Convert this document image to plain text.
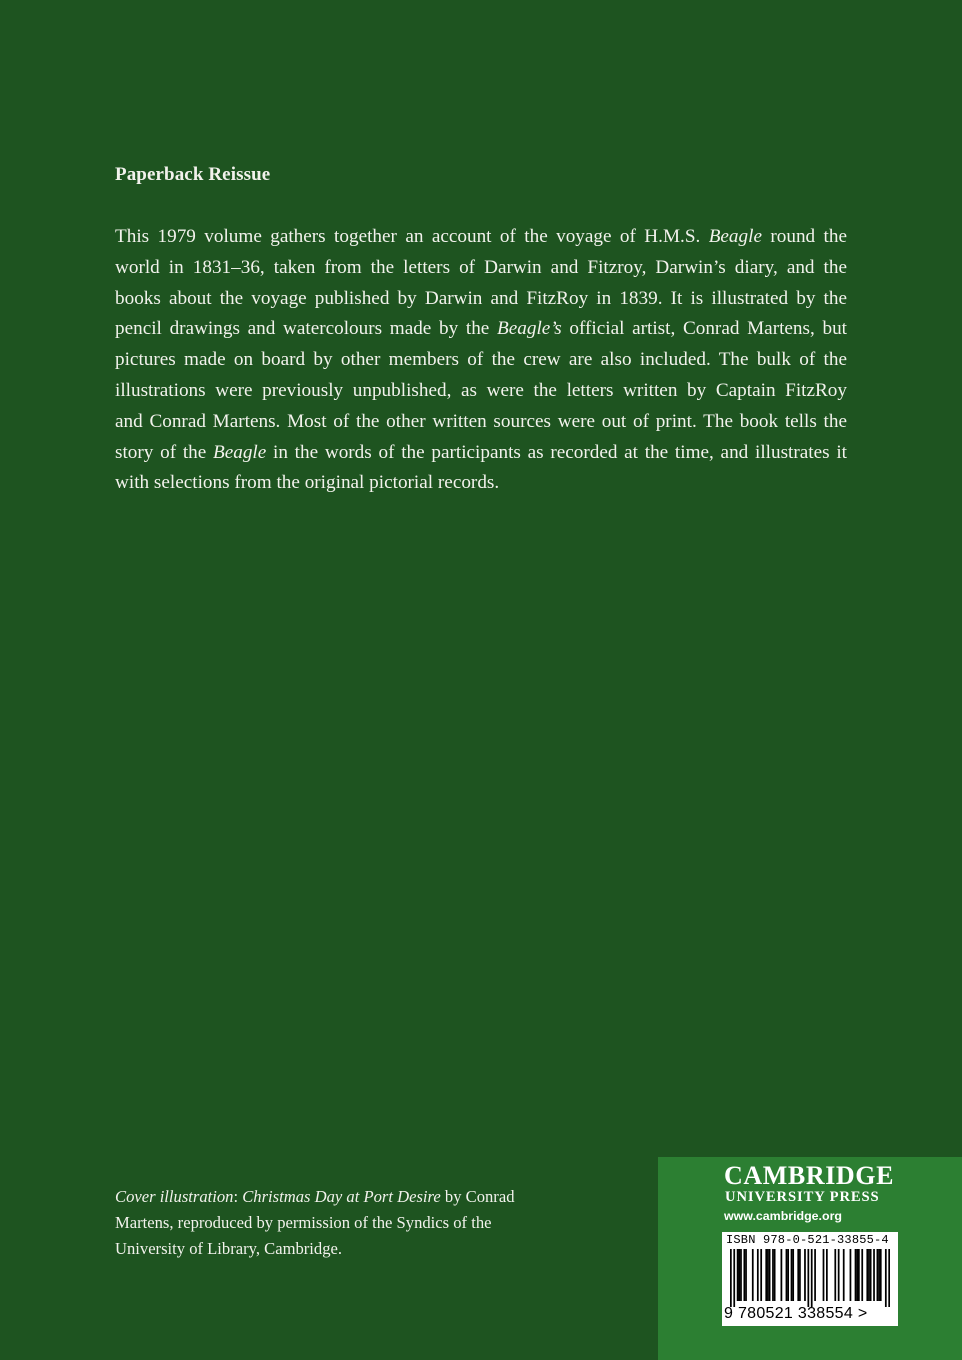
Paperback Reissue
This 1979 volume gathers together an account of the voyage of H.M.S. Beagle round the
world in 1831–36, taken from the letters of Darwin and Fitzroy, Darwin’s diary, and the
books about the voyage published by Darwin and FitzRoy in 1839. It is illustrated by the
pencil drawings and watercolours made by the Beagle’s official artist, Conrad Martens, but
pictures made on board by other members of the crew are also included. The bulk of the
illustrations were previously unpublished, as were the letters written by Captain FitzRoy
and Conrad Martens. Most of the other written sources were out of print. The book tells the
story of the Beagle in the words of the participants as recorded at the time, and illustrates it
with selections from the original pictorial records.
Cover illustration: Christmas Day at Port Desire by Conrad
Martens, reproduced by permission of the Syndics of the
University of Library, Cambridge.
CAMBRIDGE
UNIVERSITY PRESS
www.cambridge.org
ISBN 978-0-521-33855-4
9 780521 338554 >
